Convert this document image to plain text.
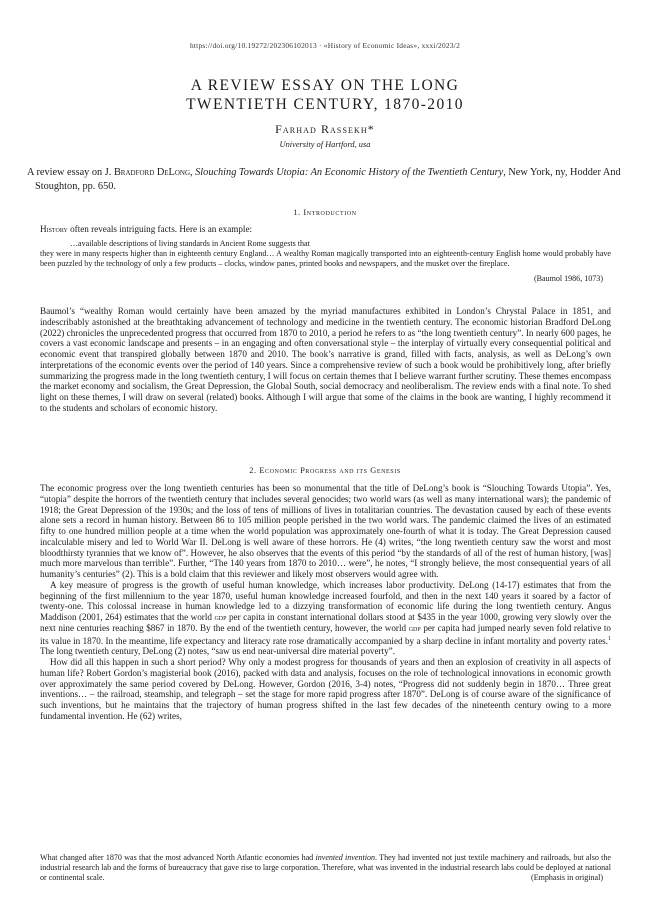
https://doi.org/10.19272/202306102013 · «History of Economic Ideas», xxxi/2023/2
A REVIEW ESSAY ON THE LONG
TWENTIETH CENTURY, 1870-2010
Farhad Rassekh*
University of Hartford, usa
A review essay on J. Bradford DeLong, Slouching Towards Utopia: An Economic History of the Twentieth Century, New York, ny, Hodder And Stoughton, pp. 650.
1. Introduction

History often reveals intriguing facts. Here is an example:

…available descriptions of living standards in Ancient Rome suggests that

they were in many respects higher than in eighteenth century England… A wealthy Roman magically transported into an eighteenth-century English home would probably have been puzzled by the technology of only a few products – clocks, window panes, printed books and newspapers, and the musket over the fireplace.

(Baumol 1986, 1073)

Baumol’s “wealthy Roman would certainly have been amazed by the myriad manufactures exhibited in London’s Chrystal Palace in 1851, and indescribably astonished at the breathtaking advancement of technology and medicine in the twentieth century. The economic historian Bradford DeLong (2022) chronicles the unprecedented progress that occurred from 1870 to 2010, a period he refers to as “the long twentieth century”. In nearly 600 pages, he covers a vast economic landscape and presents – in an engaging and often conversational style – the interplay of virtually every consequential political and economic event that transpired globally between 1870 and 2010. The book’s narrative is grand, filled with facts, analysis, as well as DeLong’s own interpretations of the economic events over the period of 140 years. Since a comprehensive review of such a book would be prohibitively long, after briefly summarizing the progress made in the long twentieth century, I will focus on certain themes that I believe warrant further scrutiny. These themes encompass the market economy and socialism, the Great Depression, the Global South, social democracy and neoliberalism. The review ends with a final note. To shed light on these themes, I will draw on several (related) books. Although I will argue that some of the claims in the book are wanting, I highly recommend it to the students and scholars of economic history.

2. Economic Progress and its Genesis

The economic progress over the long twentieth centuries has been so monumental that the title of DeLong’s book is “Slouching Towards Utopia”. Yes, “utopia” despite the horrors of the twentieth century that includes several genocides; two world wars (as well as many international wars); the pandemic of 1918; the Great Depression of the 1930s; and the loss of tens of millions of lives in totalitarian countries. The devastation caused by each of these events alone sets a record in human history. Between 86 to 105 million people perished in the two world wars. The pandemic claimed the lives of an estimated fifty to one hundred million people at a time when the world population was approximately one-fourth of what it is today. The Great Depression caused incalculable misery and led to World War II. DeLong is well aware of these horrors. He (4) writes, “the long twentieth century saw the worst and most bloodthirsty tyrannies that we know of”. However, he also observes that the events of this period “by the standards of all of the rest of human history, [was] much more marvelous than terrible”. Further, “The 140 years from 1870 to 2010… were”, he notes, “I strongly believe, the most consequential years of all humanity’s centuries” (2). This is a bold claim that this reviewer and likely most observers would agree with.

A key measure of progress is the growth of useful human knowledge, which increases labor productivity. DeLong (14-17) estimates that from the beginning of the first millennium to the year 1870, useful human knowledge increased fourfold, and then in the next 140 years it soared by a factor of twenty-one. This colossal increase in human knowledge led to a dizzying transformation of economic life during the long twentieth century. Angus Maddison (2001, 264) estimates that the world gdp per capita in constant international dollars stood at $435 in the year 1000, growing very slowly over the next nine centuries reaching $867 in 1870. By the end of the twentieth century, however, the world gdp per capita had jumped nearly seven fold relative to its value in 1870. In the meantime, life expectancy and literacy rate rose dramatically accompanied by a sharp decline in infant mortality and poverty rates.$^1$ The long twentieth century, DeLong (2) notes, “saw us end near-universal dire material poverty”.

How did all this happen in such a short period? Why only a modest progress for thousands of years and then an explosion of creativity in all aspects of human life? Robert Gordon’s magisterial book (2016), packed with data and analysis, focuses on the role of technological innovations in economic growth over approximately the same period covered by DeLong. However, Gordon (2016, 3-4) notes, “Progress did not suddenly begin in 1870… Three great inventions… – the railroad, steamship, and telegraph – set the stage for more rapid progress after 1870”. DeLong is of course aware of the significance of such inventions, but he maintains that the trajectory of human progress shifted in the last few decades of the nineteenth century owing to a more fundamental invention. He (62) writes,

What changed after 1870 was that the most advanced North Atlantic economies had invented invention. They had invented not just textile machinery and railroads, but also the industrial research lab and the forms of bureaucracy that gave rise to large corporation. Therefore, what was invented in the industrial research labs could be deployed at national or continental scale.	(Emphasis in original)
